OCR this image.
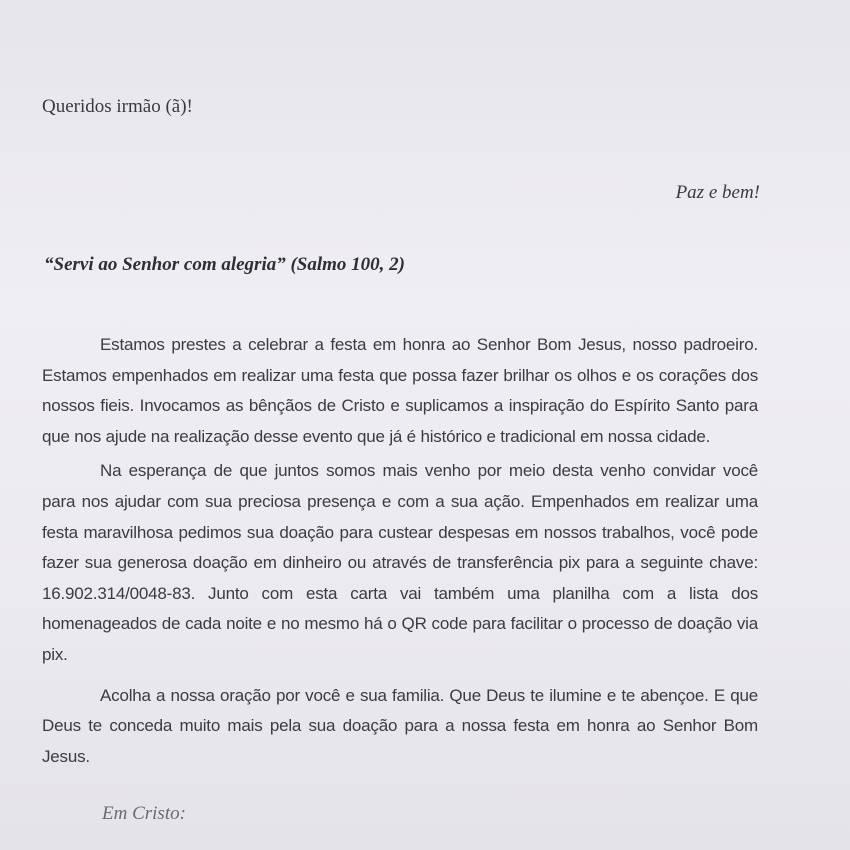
Queridos irmão (ã)!
Paz e bem!
“Servi ao Senhor com alegria” (Salmo 100, 2)

Estamos prestes a celebrar a festa em honra ao Senhor Bom Jesus, nosso padroeiro. Estamos empenhados em realizar uma festa que possa fazer brilhar os olhos e os corações dos nossos fieis. Invocamos as bênçãos de Cristo e suplicamos a inspiração do Espírito Santo para que nos ajude na realização desse evento que já é histórico e tradicional em nossa cidade.

Na esperança de que juntos somos mais venho por meio desta venho convidar você para nos ajudar com sua preciosa presença e com a sua ação. Empenhados em realizar uma festa maravilhosa pedimos sua doação para custear despesas em nossos trabalhos, você pode fazer sua generosa doação em dinheiro ou através de transferência pix para a seguinte chave: 16.902.314/0048-83. Junto com esta carta vai também uma planilha com a lista dos homenageados de cada noite e no mesmo há o QR code para facilitar o processo de doação via pix.

Acolha a nossa oração por você e sua familia. Que Deus te ilumine e te abençoe. E que Deus te conceda muito mais pela sua doação para a nossa festa em honra ao Senhor Bom Jesus.

Em Cristo:
